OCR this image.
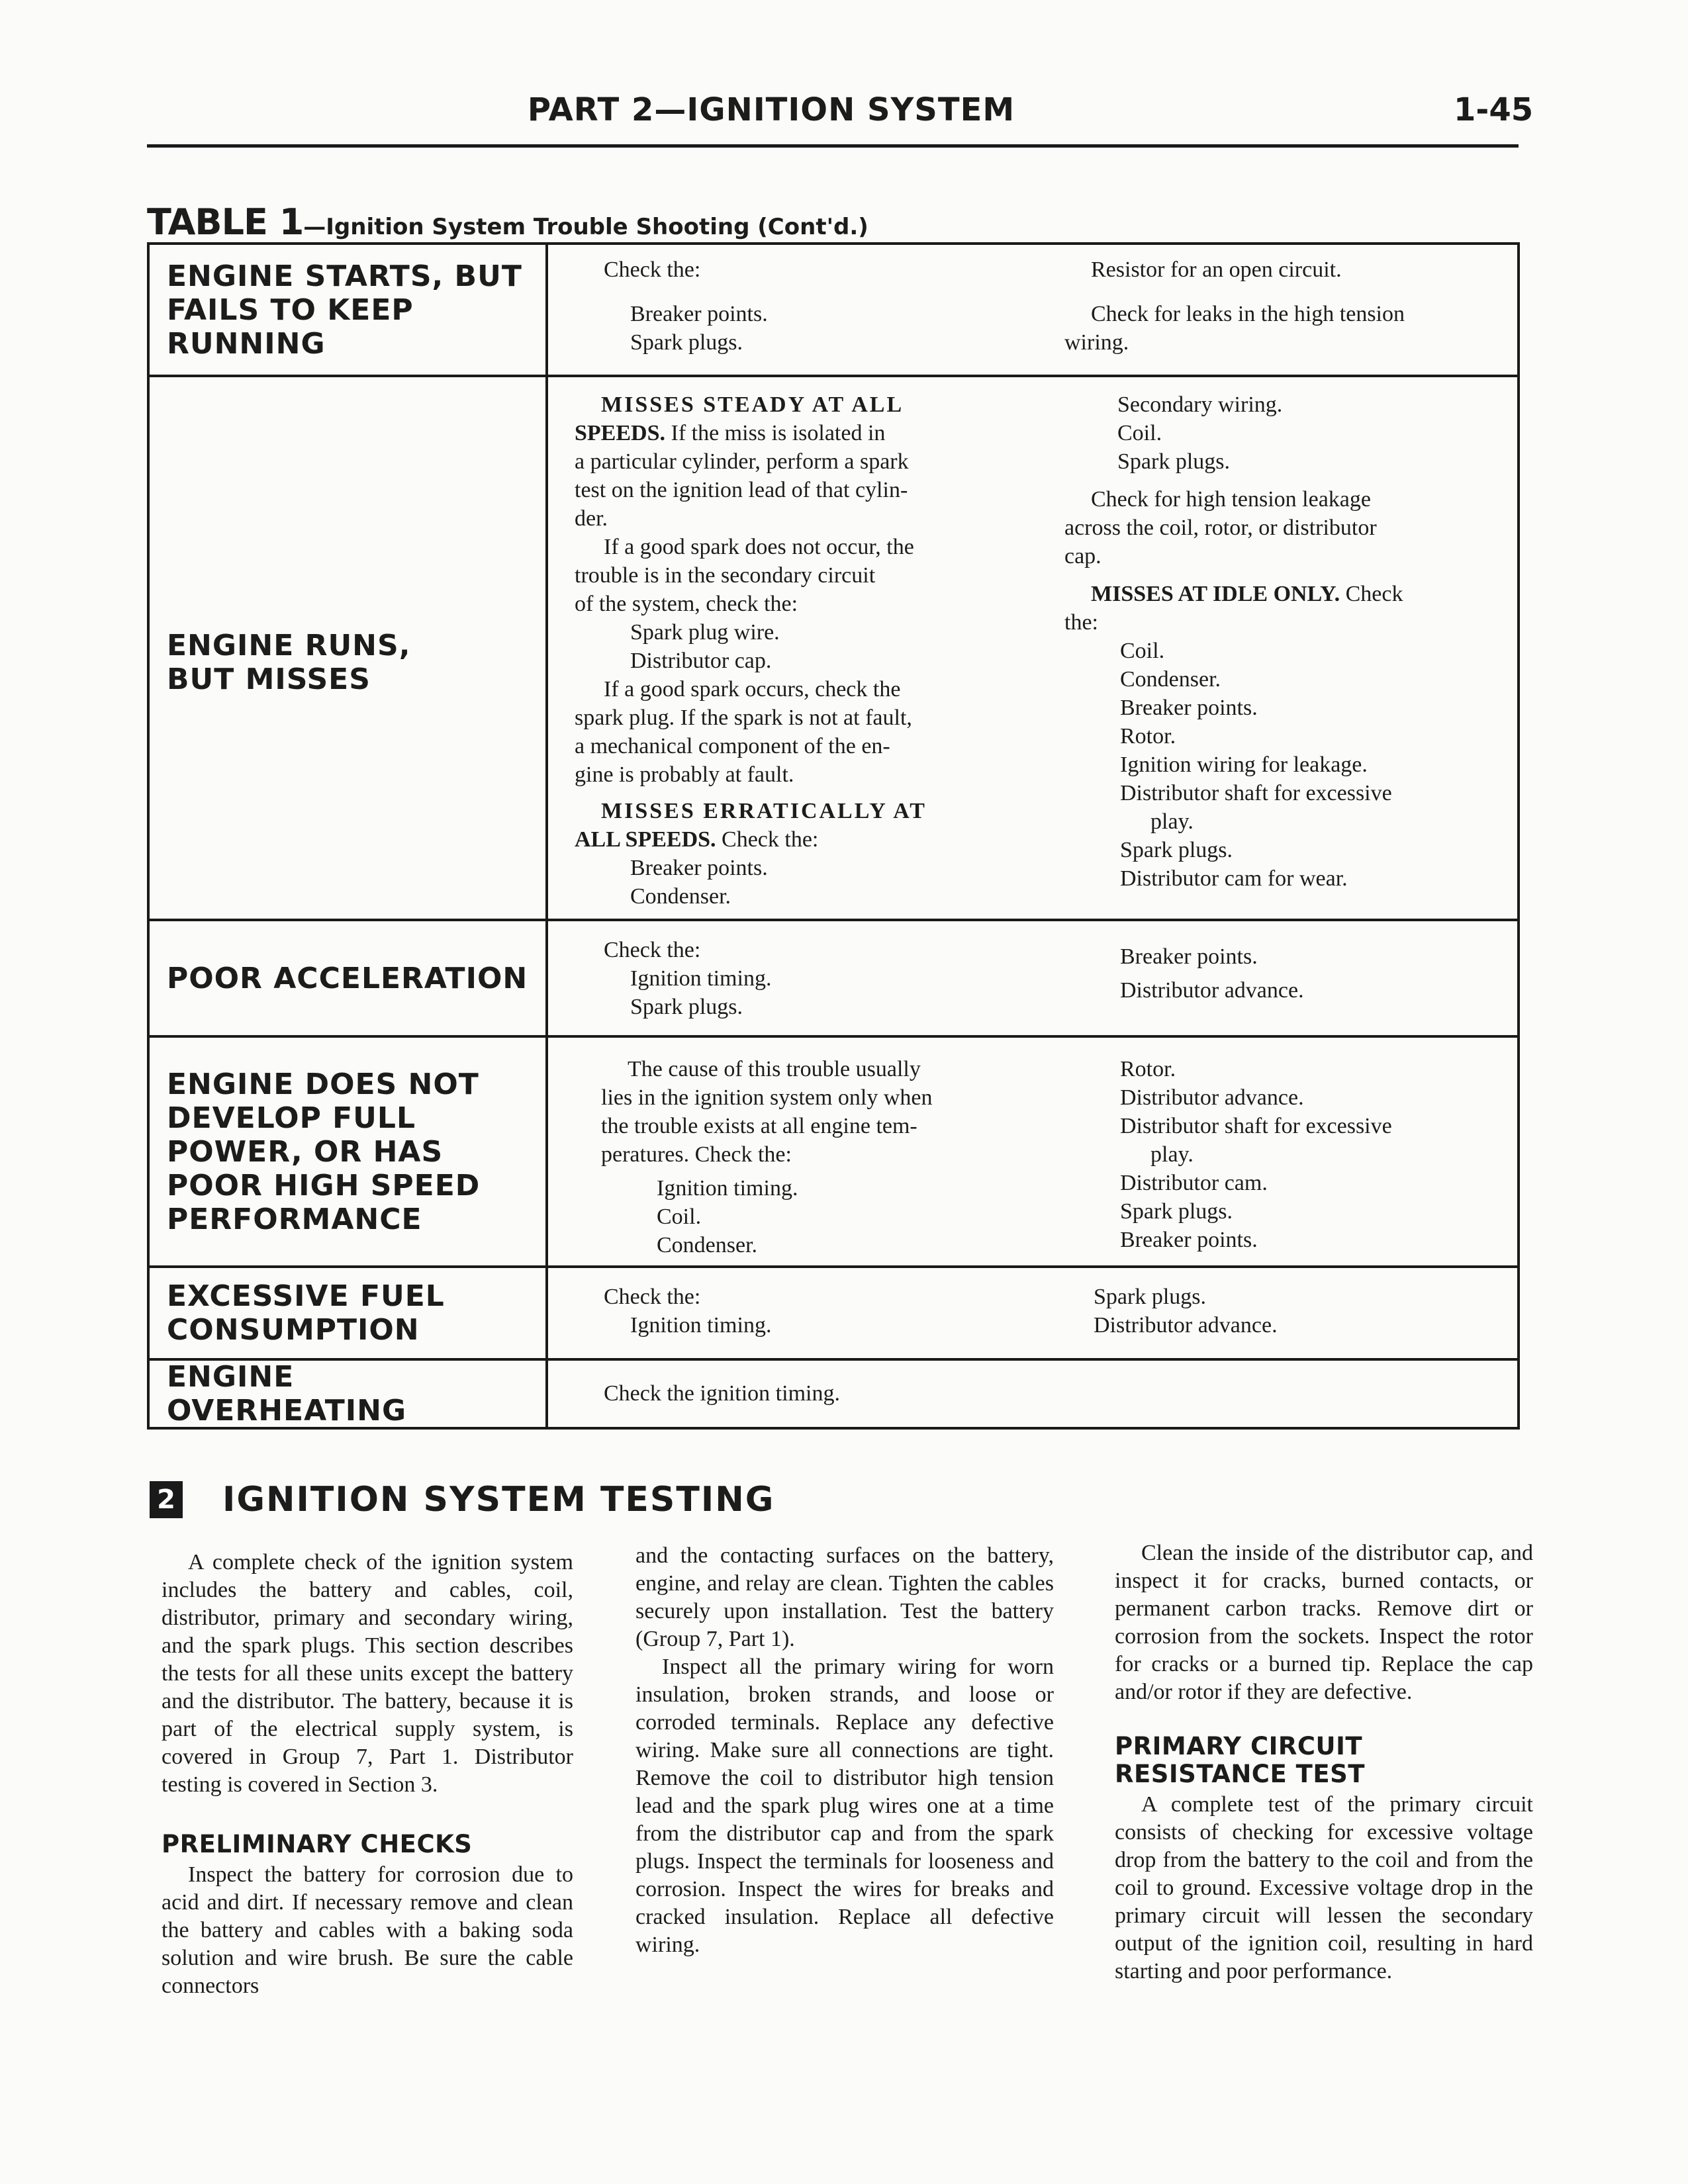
PART 2—IGNITION SYSTEM	1-45
TABLE 1—Ignition System Trouble Shooting (Cont'd.)
ENGINE STARTS, BUT
FAILS TO KEEP
RUNNING
Check the:
Breaker points.
Spark plugs.
Resistor for an open circuit.
Check for leaks in the high tension
wiring.
ENGINE RUNS,
BUT MISSES
MISSES STEADY AT ALL
SPEEDS. If the miss is isolated in
a particular cylinder, perform a spark
test on the ignition lead of that cylin-
der.
If a good spark does not occur, the
trouble is in the secondary circuit
of the system, check the:
Spark plug wire.
Distributor cap.
If a good spark occurs, check the
spark plug. If the spark is not at fault,
a mechanical component of the en-
gine is probably at fault.
MISSES ERRATICALLY AT
ALL SPEEDS. Check the:
Breaker points.
Condenser.
Secondary wiring.
Coil.
Spark plugs.
Check for high tension leakage
across the coil, rotor, or distributor
cap.
MISSES AT IDLE ONLY. Check
the:
Coil.
Condenser.
Breaker points.
Rotor.
Ignition wiring for leakage.
Distributor shaft for excessive
play.
Spark plugs.
Distributor cam for wear.
POOR ACCELERATION
Check the:
Ignition timing.
Spark plugs.
Breaker points.
Distributor advance.
ENGINE DOES NOT
DEVELOP FULL
POWER, OR HAS
POOR HIGH SPEED
PERFORMANCE
The cause of this trouble usually
lies in the ignition system only when
the trouble exists at all engine tem-
peratures. Check the:
Ignition timing.
Coil.
Condenser.
Rotor.
Distributor advance.
Distributor shaft for excessive
play.
Distributor cam.
Spark plugs.
Breaker points.
EXCESSIVE FUEL
CONSUMPTION
Check the:
Ignition timing.
Spark plugs.
Distributor advance.
ENGINE OVERHEATING
Check the ignition timing.
2 IGNITION SYSTEM TESTING

A complete check of the ignition system includes the battery and cables, coil, distributor, primary and secondary wiring, and the spark plugs. This section describes the tests for all these units except the battery and the distributor. The battery, because it is part of the electrical supply system, is covered in Group 7, Part 1. Distributor testing is covered in Section 3.

PRELIMINARY CHECKS

Inspect the battery for corrosion due to acid and dirt. If necessary remove and clean the battery and cables with a baking soda solution and wire brush. Be sure the cable connectors

and the contacting surfaces on the battery, engine, and relay are clean. Tighten the cables securely upon installation. Test the battery (Group 7, Part 1).

Inspect all the primary wiring for worn insulation, broken strands, and loose or corroded terminals. Replace any defective wiring. Make sure all connections are tight. Remove the coil to distributor high tension lead and the spark plug wires one at a time from the distributor cap and from the spark plugs. Inspect the terminals for looseness and corrosion. Inspect the wires for breaks and cracked insulation. Replace all defective wiring.

Clean the inside of the distributor cap, and inspect it for cracks, burned contacts, or permanent carbon tracks. Remove dirt or corrosion from the sockets. Inspect the rotor for cracks or a burned tip. Replace the cap and/or rotor if they are defective.

PRIMARY CIRCUIT RESISTANCE TEST

A complete test of the primary circuit consists of checking for excessive voltage drop from the battery to the coil and from the coil to ground. Excessive voltage drop in the primary circuit will lessen the secondary output of the ignition coil, resulting in hard starting and poor performance.
